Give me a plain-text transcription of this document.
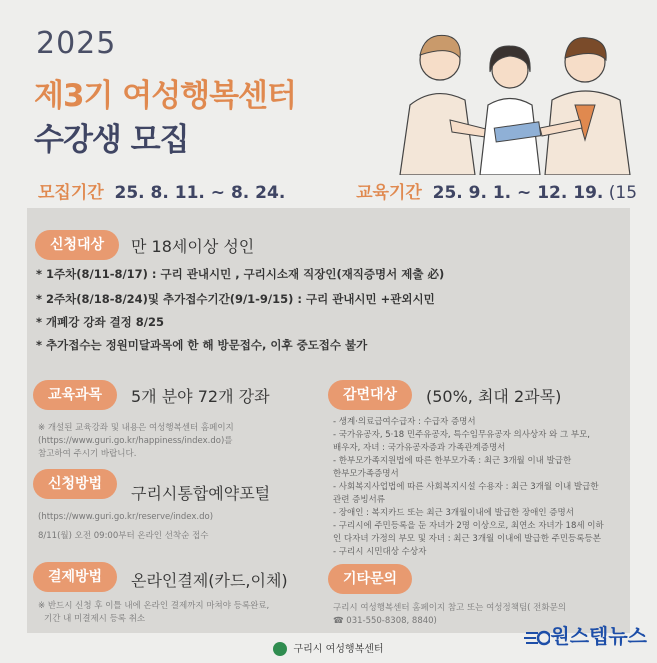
2025
제3기 여성행복센터
수강생 모집
모집기간 25. 8. 11. ~ 8. 24.	교육기간 25. 9. 1. ~ 12. 19. (15
신청대상	만 18세이상 성인
* 1주차(8/11-8/17) : 구리 관내시민 , 구리시소재 직장인(재직증명서 제출 必)
* 2주차(8/18-8/24)및 추가접수기간(9/1-9/15) : 구리 관내시민 +관외시민
* 개폐강 강좌 결정 8/25
* 추가접수는 정원미달과목에 한 해 방문접수, 이후 중도접수 불가
교육과목	5개 분야 72개 강좌
※ 개설된 교육강좌 및 내용은 여성행복센터 홈페이지
(https://www.guri.go.kr/happiness/index.do)를
참고하여 주시기 바랍니다.
신청방법	구리시통합예약포털
(https://www.guri.go.kr/reserve/index.do)
8/11(월) 오전 09:00부터 온라인 선착순 접수
결제방법	온라인결제(카드,이체)
※ 반드시 신청 후 이틀 내에 온라인 결제까지 마쳐야 등록완료,
기간 내 미결제시 등록 취소
감면대상	(50%, 최대 2과목)
- 생계·의료급여수급자 : 수급자 증명서
- 국가유공자, 5·18 민주유공자, 특수임무유공자 의사상자 와 그 부모,
배우자, 자녀 : 국가유공자증과 가족관계증명서
- 한부모가족지원법에 따른 한부모가족 : 최근 3개월 이내 발급한
한부모가족증명서
- 사회복지사업법에 따른 사회복지시설 수용자 : 최근 3개월 이내 발급한
관련 증빙서류
- 장애인 : 복지카드 또는 최근 3개월이내에 발급한 장애인 증명서
- 구리시에 주민등록을 둔 자녀가 2명 이상으로, 최연소 자녀가 18세 이하
인 다자녀 가정의 부모 및 자녀 : 최근 3개월 이내에 발급한 주민등록등본
- 구리시 시민대상 수상자
기타문의
구리시 여성행복센터 홈페이지 참고 또는 여성정책팀( 전화문의
☎ 031-550-8308, 8840)
구리시 여성행복센터
원스텝뉴스
